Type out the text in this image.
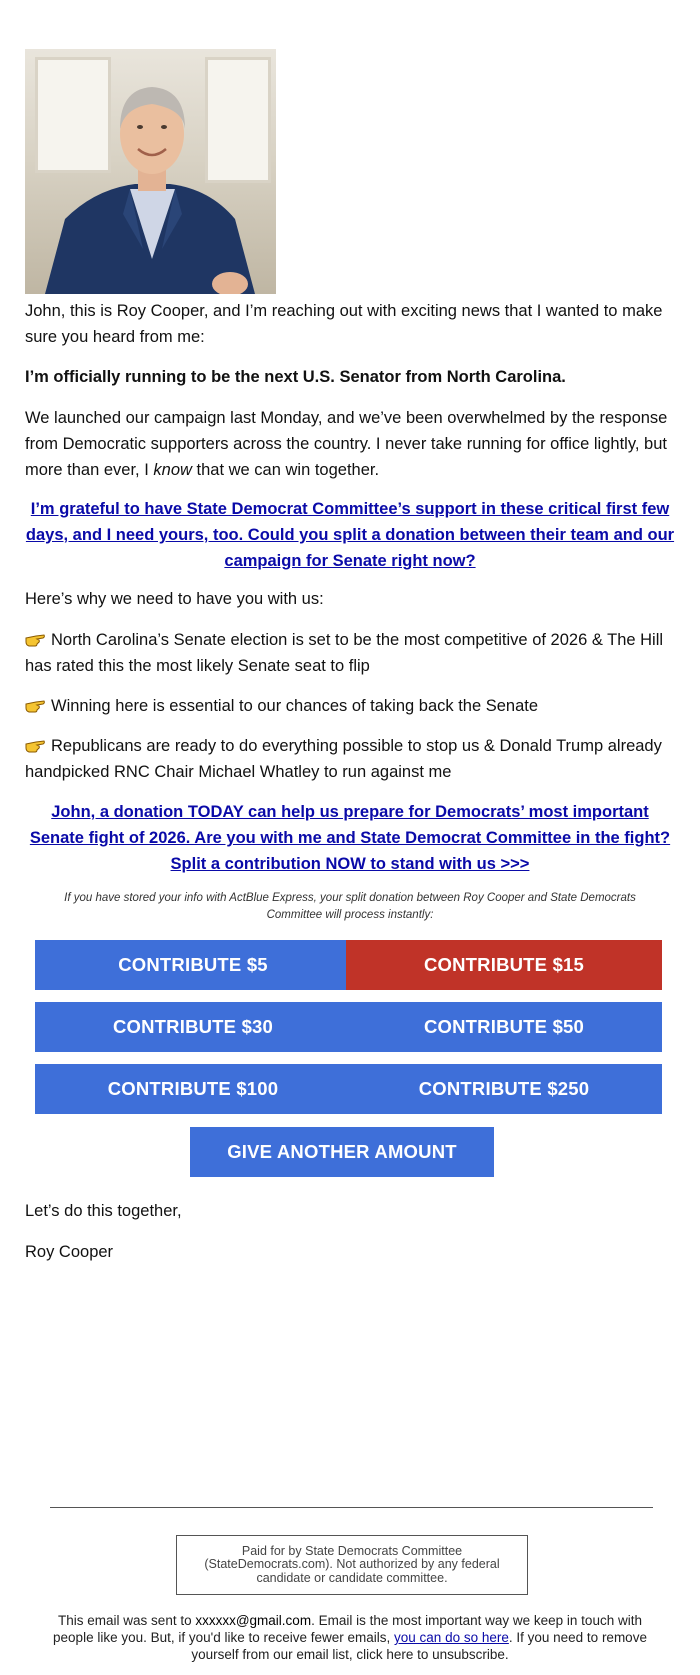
John, this is Roy Cooper, and I’m reaching out with exciting news that I wanted to make sure you heard from me:

I’m officially running to be the next U.S. Senator from North Carolina.

We launched our campaign last Monday, and we’ve been overwhelmed by the response from Democratic supporters across the country. I never take running for office lightly, but more than ever, I know that we can win together.

I’m grateful to have State Democrat Committee’s support in these critical first few days, and I need yours, too. Could you split a donation between their team and our campaign for Senate right now?

Here’s why we need to have you with us:

North Carolina’s Senate election is set to be the most competitive of 2026 & The Hill has rated this the most likely Senate seat to flip

Winning here is essential to our chances of taking back the Senate

Republicans are ready to do everything possible to stop us & Donald Trump already handpicked RNC Chair Michael Whatley to run against me

John, a donation TODAY can help us prepare for Democrats’ most important Senate fight of 2026. Are you with me and State Democrat Committee in the fight? Split a contribution NOW to stand with us >>>

If you have stored your info with ActBlue Express, your split donation between Roy Cooper and State Democrats Committee will process instantly:

CONTRIBUTE $5	CONTRIBUTE $15
CONTRIBUTE $30	CONTRIBUTE $50
CONTRIBUTE $100	CONTRIBUTE $250
GIVE ANOTHER AMOUNT

Let’s do this together,

Roy Cooper

Paid for by State Democrats Committee (StateDemocrats.com). Not authorized by any federal candidate or candidate committee.

This email was sent to xxxxxx@gmail.com. Email is the most important way we keep in touch with people like you. But, if you'd like to receive fewer emails, you can do so here. If you need to remove yourself from our email list, click here to unsubscribe.
